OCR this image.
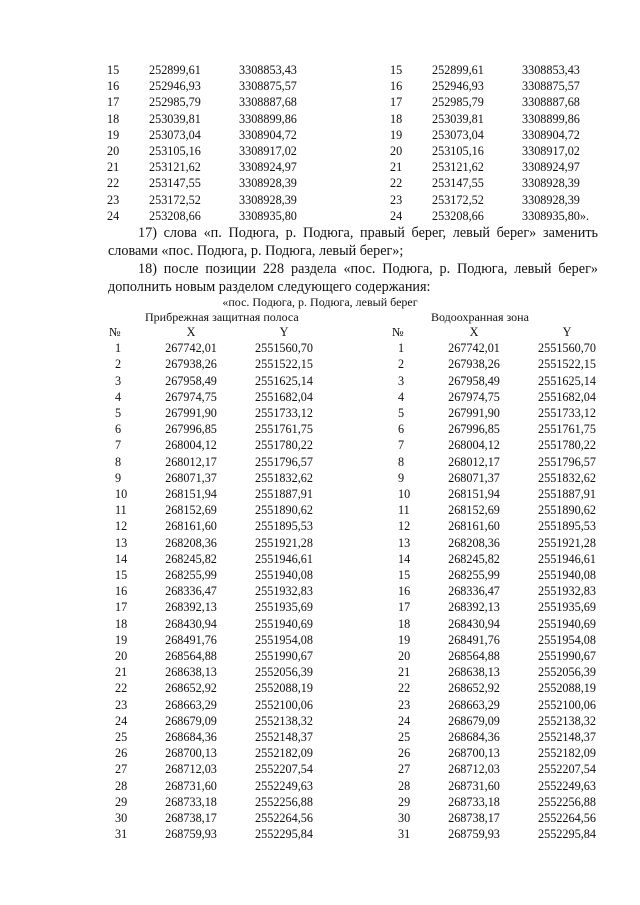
15	252899,61	3308853,43
16	252946,93	3308875,57
17	252985,79	3308887,68
18	253039,81	3308899,86
19	253073,04	3308904,72
20	253105,16	3308917,02
21	253121,62	3308924,97
22	253147,55	3308928,39
23	253172,52	3308928,39
24	253208,66	3308935,80
15	252899,61	3308853,43
16	252946,93	3308875,57
17	252985,79	3308887,68
18	253039,81	3308899,86
19	253073,04	3308904,72
20	253105,16	3308917,02
21	253121,62	3308924,97
22	253147,55	3308928,39
23	253172,52	3308928,39
24	253208,66	3308935,80».
17) слова «п. Подюга, р. Подюга, правый берег, левый берег» заменить словами «пос. Подюга, р. Подюга, левый берег»;
18) после позиции 228 раздела «пос. Подюга, р. Подюга, левый берег» дополнить новым разделом следующего содержания:
«пос. Подюга, р. Подюга, левый берег
Прибрежная защитная полоса	Водоохранная зона
№	X	Y
1	267742,01	2551560,70
2	267938,26	2551522,15
3	267958,49	2551625,14
4	267974,75	2551682,04
5	267991,90	2551733,12
6	267996,85	2551761,75
7	268004,12	2551780,22
8	268012,17	2551796,57
9	268071,37	2551832,62
10	268151,94	2551887,91
11	268152,69	2551890,62
12	268161,60	2551895,53
13	268208,36	2551921,28
14	268245,82	2551946,61
15	268255,99	2551940,08
16	268336,47	2551932,83
17	268392,13	2551935,69
18	268430,94	2551940,69
19	268491,76	2551954,08
20	268564,88	2551990,67
21	268638,13	2552056,39
22	268652,92	2552088,19
23	268663,29	2552100,06
24	268679,09	2552138,32
25	268684,36	2552148,37
26	268700,13	2552182,09
27	268712,03	2552207,54
28	268731,60	2552249,63
29	268733,18	2552256,88
30	268738,17	2552264,56
31	268759,93	2552295,84
№	X	Y
1	267742,01	2551560,70
2	267938,26	2551522,15
3	267958,49	2551625,14
4	267974,75	2551682,04
5	267991,90	2551733,12
6	267996,85	2551761,75
7	268004,12	2551780,22
8	268012,17	2551796,57
9	268071,37	2551832,62
10	268151,94	2551887,91
11	268152,69	2551890,62
12	268161,60	2551895,53
13	268208,36	2551921,28
14	268245,82	2551946,61
15	268255,99	2551940,08
16	268336,47	2551932,83
17	268392,13	2551935,69
18	268430,94	2551940,69
19	268491,76	2551954,08
20	268564,88	2551990,67
21	268638,13	2552056,39
22	268652,92	2552088,19
23	268663,29	2552100,06
24	268679,09	2552138,32
25	268684,36	2552148,37
26	268700,13	2552182,09
27	268712,03	2552207,54
28	268731,60	2552249,63
29	268733,18	2552256,88
30	268738,17	2552264,56
31	268759,93	2552295,84
